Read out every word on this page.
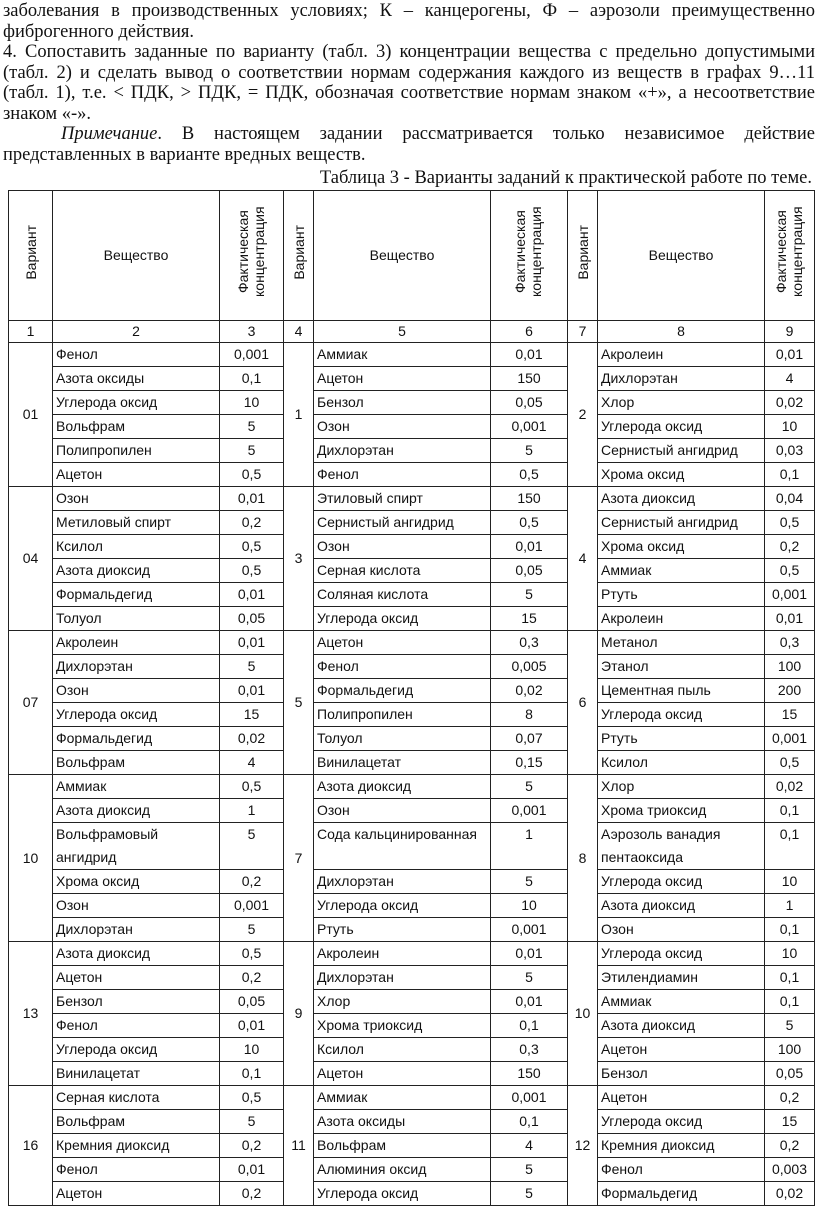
заболевания в производственных условиях; К – канцерогены, Ф – аэрозоли преимущественно фиброгенного действия.

4. Сопоставить заданные по варианту (табл. 3) концентрации вещества с предельно допустимыми (табл. 2) и сделать вывод о соответствии нормам содержания каждого из веществ в графах 9…11 (табл. 1), т.е. < ПДК, > ПДК, = ПДК, обозначая соответствие нормам знаком «+», а несоответствие знаком «-».

Примечание. В настоящем задании рассматривается только независимое действие представленных в варианте вредных веществ.

Таблица 3 - Варианты заданий к практической работе по теме.
Вариант	Вещество	Фактическая концентрация	Вариант	Вещество	Фактическая концентрация	Вариант	Вещество	Фактическая концентрация
1	2	3	4	5	6	7	8	9
01	Фенол	0,001	1	Аммиак	0,01	2	Акролеин	0,01
	Азота оксиды	0,1		Ацетон	150		Дихлорэтан	4
	Углерода оксид	10		Бензол	0,05		Хлор	0,02
	Вольфрам	5		Озон	0,001		Углерода оксид	10
	Полипропилен	5		Дихлорэтан	5		Сернистый ангидрид	0,03
	Ацетон	0,5		Фенол	0,5		Хрома оксид	0,1
04	Озон	0,01	3	Этиловый спирт	150	4	Азота диоксид	0,04
	Метиловый спирт	0,2		Сернистый ангидрид	0,5		Сернистый ангидрид	0,5
	Ксилол	0,5		Озон	0,01		Хрома оксид	0,2
	Азота диоксид	0,5		Серная кислота	0,05		Аммиак	0,5
	Формальдегид	0,01		Соляная кислота	5		Ртуть	0,001
	Толуол	0,05		Углерода оксид	15		Акролеин	0,01
07	Акролеин	0,01	5	Ацетон	0,3	6	Метанол	0,3
	Дихлорэтан	5		Фенол	0,005		Этанол	100
	Озон	0,01		Формальдегид	0,02		Цементная пыль	200
	Углерода оксид	15		Полипропилен	8		Углерода оксид	15
	Формальдегид	0,02		Толуол	0,07		Ртуть	0,001
	Вольфрам	4		Винилацетат	0,15		Ксилол	0,5
10	Аммиак	0,5	7	Азота диоксид	5	8	Хлор	0,02
	Азота диоксид	1		Озон	0,001		Хрома триоксид	0,1
	Вольфрамовый ангидрид	5		Сода кальцинированная	1		Аэрозоль ванадия пентаоксида	0,1
	Хрома оксид	0,2		Дихлорэтан	5		Углерода оксид	10
	Озон	0,001		Углерода оксид	10		Азота диоксид	1
	Дихлорэтан	5		Ртуть	0,001		Озон	0,1
13	Азота диоксид	0,5	9	Акролеин	0,01	10	Углерода оксид	10
	Ацетон	0,2		Дихлорэтан	5		Этилендиамин	0,1
	Бензол	0,05		Хлор	0,01		Аммиак	0,1
	Фенол	0,01		Хрома триоксид	0,1		Азота диоксид	5
	Углерода оксид	10		Ксилол	0,3		Ацетон	100
	Винилацетат	0,1		Ацетон	150		Бензол	0,05
16	Серная кислота	0,5	11	Аммиак	0,001	12	Ацетон	0,2
	Вольфрам	5		Азота оксиды	0,1		Углерода оксид	15
	Кремния диоксид	0,2		Вольфрам	4		Кремния диоксид	0,2
	Фенол	0,01		Алюминия оксид	5		Фенол	0,003
	Ацетон	0,2		Углерода оксид	5		Формальдегид	0,02
